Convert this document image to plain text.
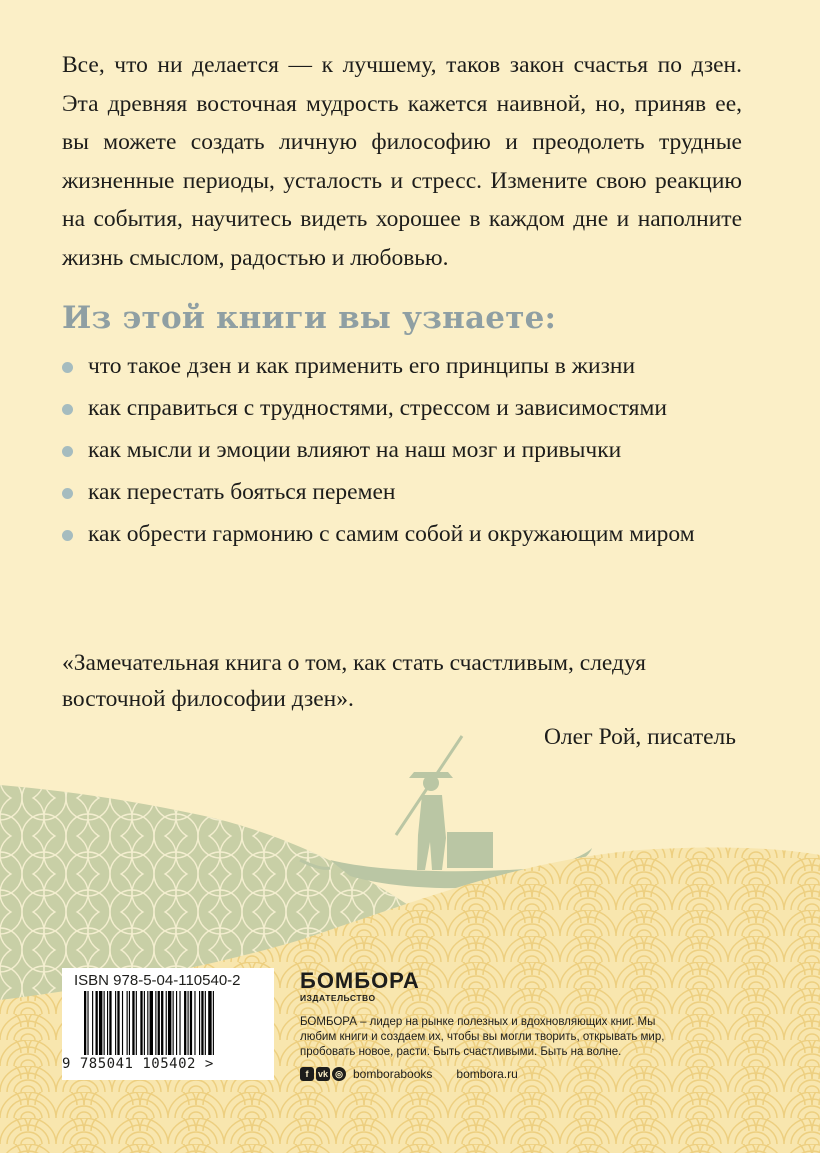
Все, что ни делается — к лучшему, таков закон счастья по дзен. Эта древняя восточная мудрость кажется наивной, но, приняв ее, вы можете создать личную философию и преодолеть трудные жизненные периоды, усталость и стресс. Измените свою реакцию на события, научитесь видеть хорошее в каждом дне и наполните жизнь смыслом, радостью и любовью.

Из этой книги вы узнаете:
что такое дзен и как применить его принципы в жизни
как справиться с трудностями, стрессом и зависимостями
как мысли и эмоции влияют на наш мозг и привычки
как перестать бояться перемен
как обрести гармонию с самим собой и окружающим миром

«Замечательная книга о том, как стать счастливым, следуя восточной философии дзен».

Олег Рой, писатель
ISBN 978-5-04-110540-2
9 785041 105402 >
БОМБОРА
ИЗДАТЕЛЬСТВО

БОМБОРА – лидер на рынке полезных и вдохновляющих книг. Мы любим книги и создаем их, чтобы вы могли творить, открывать мир, пробовать новое, расти. Быть счастливыми. Быть на волне.

f	vk ◎ bomborabooks bombora.ru
